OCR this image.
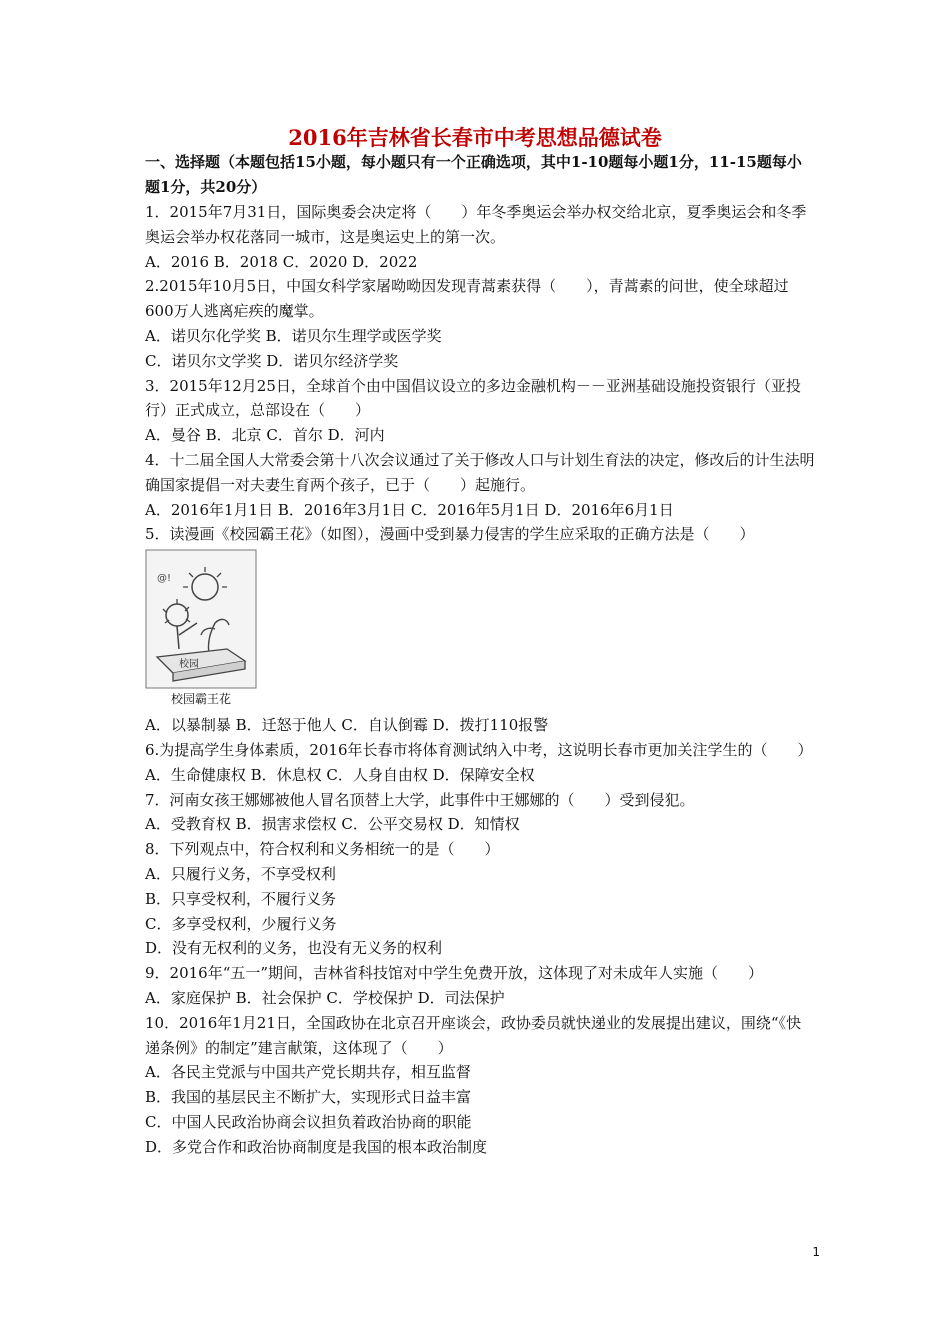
2016年吉林省长春市中考思想品德试卷
一、选择题（本题包括15小题，每小题只有一个正确选项，其中1-10题每小题1分，11-15题每小题1分，共20分）

1．2015年7月31日，国际奥委会决定将（　　）年冬季奥运会举办权交给北京，夏季奥运会和冬季奥运会举办权花落同一城市，这是奥运史上的第一次。

A．2016 B．2018 C．2020 D．2022

2.2015年10月5日，中国女科学家屠呦呦因发现青蒿素获得（　　），青蒿素的问世，使全球超过600万人逃离疟疾的魔掌。

A．诺贝尔化学奖 B．诺贝尔生理学或医学奖

C．诺贝尔文学奖 D．诺贝尔经济学奖

3．2015年12月25日，全球首个由中国倡议设立的多边金融机构－－亚洲基础设施投资银行（亚投行）正式成立，总部设在（　　）

A．曼谷 B．北京 C．首尔 D．河内

4．十二届全国人大常委会第十八次会议通过了关于修改人口与计划生育法的决定，修改后的计生法明确国家提倡一对夫妻生育两个孩子，已于（　　）起施行。

A．2016年1月1日 B．2016年3月1日 C．2016年5月1日 D．2016年6月1日

5．读漫画《校园霸王花》（如图），漫画中受到暴力侵害的学生应采取的正确方法是（　　）

@!
校园
校园霸王花

A．以暴制暴 B．迁怒于他人 C．自认倒霉 D．拨打110报警

6.为提高学生身体素质，2016年长春市将体育测试纳入中考，这说明长春市更加关注学生的（　　）

A．生命健康权 B．休息权 C．人身自由权 D．保障安全权

7．河南女孩王娜娜被他人冒名顶替上大学，此事件中王娜娜的（　　）受到侵犯。

A．受教育权 B．损害求偿权 C．公平交易权 D．知情权

8．下列观点中，符合权利和义务相统一的是（　　）

A．只履行义务，不享受权利

B．只享受权利，不履行义务

C．多享受权利，少履行义务

D．没有无权利的义务，也没有无义务的权利

9．2016年“五一”期间，吉林省科技馆对中学生免费开放，这体现了对未成年人实施（　　）

A．家庭保护 B．社会保护 C．学校保护 D．司法保护

10．2016年1月21日，全国政协在北京召开座谈会，政协委员就快递业的发展提出建议，围绕“《快递条例》的制定”建言献策，这体现了（　　）

A．各民主党派与中国共产党长期共存，相互监督

B．我国的基层民主不断扩大，实现形式日益丰富

C．中国人民政治协商会议担负着政治协商的职能

D．多党合作和政治协商制度是我国的根本政治制度

1
